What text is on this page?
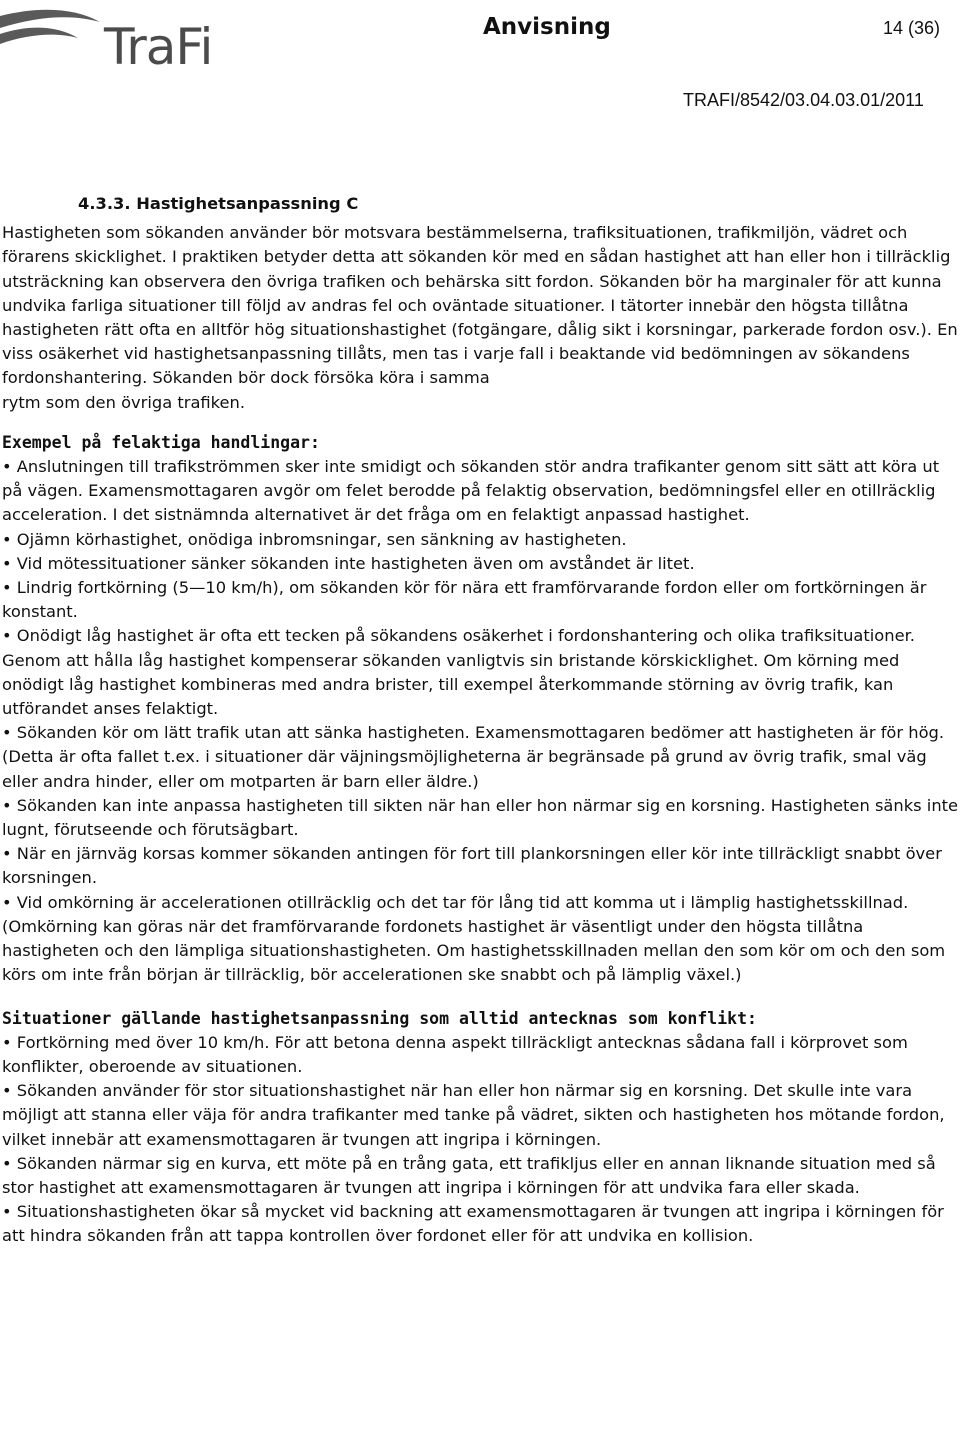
TraFi	Anvisning	14 (36)
TRAFI/8542/03.04.03.01/2011
4.3.3. Hastighetsanpassning C

Hastigheten som sökanden använder bör motsvara bestämmelserna, trafiksituationen, trafikmiljön, vädret och förarens skicklighet. I praktiken betyder detta att sökanden kör med en sådan hastighet att han eller hon i tillräcklig utsträckning kan observera den övriga trafiken och behärska sitt fordon. Sökanden bör ha marginaler för att kunna undvika farliga situationer till följd av andras fel och oväntade situationer. I tätorter innebär den högsta tillåtna hastigheten rätt ofta en alltför hög situationshastighet (fotgängare, dålig sikt i korsningar, parkerade fordon osv.). En viss osäkerhet vid hastighetsanpassning tillåts, men tas i varje fall i beaktande vid bedömningen av sökandens fordonshantering. Sökanden bör dock försöka köra i samma

rytm som den övriga trafiken.

Exempel på felaktiga handlingar:

• Anslutningen till trafikströmmen sker inte smidigt och sökanden stör andra trafikanter genom sitt sätt att köra ut på vägen. Examensmottagaren avgör om felet berodde på felaktig observation, bedömningsfel eller en otillräcklig acceleration. I det sistnämnda alternativet är det fråga om en felaktigt anpassad hastighet.

• Ojämn körhastighet, onödiga inbromsningar, sen sänkning av hastigheten.

• Vid mötessituationer sänker sökanden inte hastigheten även om avståndet är litet.

• Lindrig fortkörning (5—10 km/h), om sökanden kör för nära ett framförvarande fordon eller om fortkörningen är konstant.

• Onödigt låg hastighet är ofta ett tecken på sökandens osäkerhet i fordonshantering och olika trafiksituationer. Genom att hålla låg hastighet kompenserar sökanden vanligtvis sin bristande körskicklighet. Om körning med onödigt låg hastighet kombineras med andra brister, till exempel återkommande störning av övrig trafik, kan utförandet anses felaktigt.

• Sökanden kör om lätt trafik utan att sänka hastigheten. Examensmottagaren bedömer att hastigheten är för hög. (Detta är ofta fallet t.ex. i situationer där väjningsmöjligheterna är begränsade på grund av övrig trafik, smal väg eller andra hinder, eller om motparten är barn eller äldre.)

• Sökanden kan inte anpassa hastigheten till sikten när han eller hon närmar sig en korsning. Hastigheten sänks inte lugnt, förutseende och förutsägbart.

• När en järnväg korsas kommer sökanden antingen för fort till plankorsningen eller kör inte tillräckligt snabbt över korsningen.

• Vid omkörning är accelerationen otillräcklig och det tar för lång tid att komma ut i lämplig hastighetsskillnad. (Omkörning kan göras när det framförvarande fordonets hastighet är väsentligt under den högsta tillåtna hastigheten och den lämpliga situationshastigheten. Om hastighetsskillnaden mellan den som kör om och den som körs om inte från början är tillräcklig, bör accelerationen ske snabbt och på lämplig växel.)

Situationer gällande hastighetsanpassning som alltid antecknas som konflikt:

• Fortkörning med över 10 km/h. För att betona denna aspekt tillräckligt antecknas sådana fall i körprovet som konflikter, oberoende av situationen.

• Sökanden använder för stor situationshastighet när han eller hon närmar sig en korsning. Det skulle inte vara möjligt att stanna eller väja för andra trafikanter med tanke på vädret, sikten och hastigheten hos mötande fordon, vilket innebär att examensmottagaren är tvungen att ingripa i körningen.

• Sökanden närmar sig en kurva, ett möte på en trång gata, ett trafikljus eller en annan liknande situation med så stor hastighet att examensmottagaren är tvungen att ingripa i körningen för att undvika fara eller skada.

• Situationshastigheten ökar så mycket vid backning att examensmottagaren är tvungen att ingripa i körningen för att hindra sökanden från att tappa kontrollen över fordonet eller för att undvika en kollision.
